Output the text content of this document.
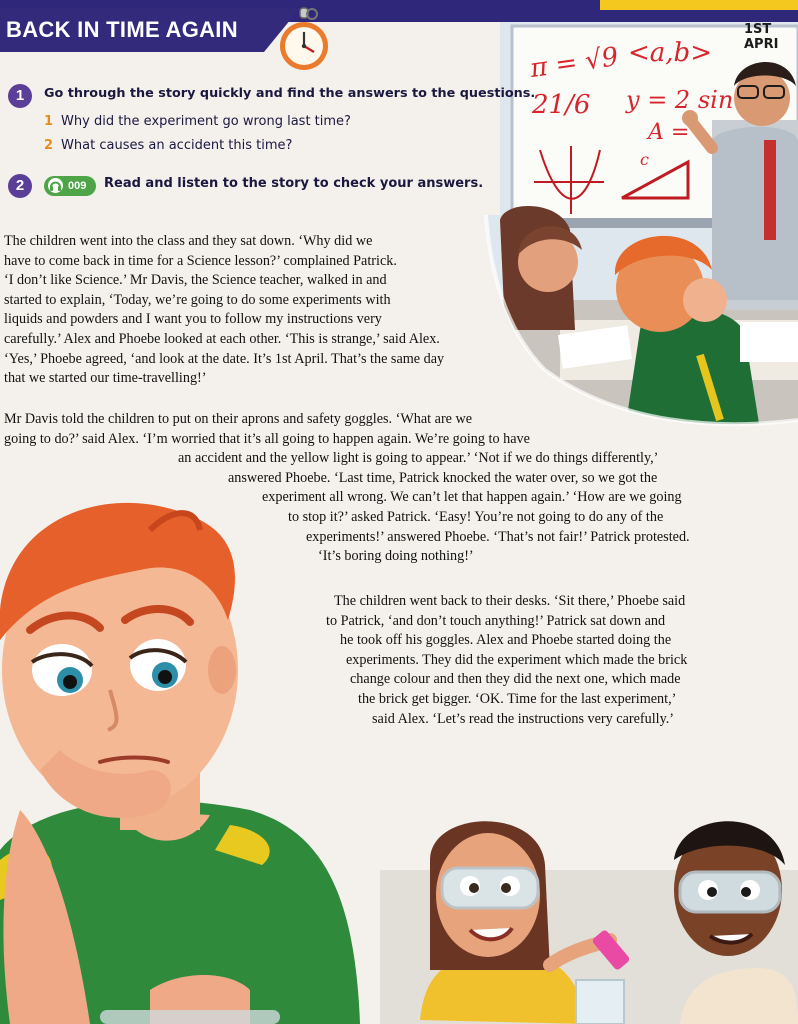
1ST APRI
π = √9
21/6
<a,b>
y = 2 sin
A =
c
BACK IN TIME AGAIN
1	Go through the story quickly and find the answers to the questions.
1 Why did the experiment go wrong last time?
2 What causes an accident this time?
2	009 Read and listen to the story to check your answers.

The children went into the class and they sat down. ‘Why did we

have to come back in time for a Science lesson?’ complained Patrick.

‘I don’t like Science.’ Mr Davis, the Science teacher, walked in and

started to explain, ‘Today, we’re going to do some experiments with

liquids and powders and I want you to follow my instructions very

carefully.’ Alex and Phoebe looked at each other. ‘This is strange,’ said Alex.

‘Yes,’ Phoebe agreed, ‘and look at the date. It’s 1st April. That’s the same day

that we started our time-travelling!’

Mr Davis told the children to put on their aprons and safety goggles. ‘What are we

going to do?’ said Alex. ‘I’m worried that it’s all going to happen again. We’re going to have

an accident and the yellow light is going to appear.’ ‘Not if we do things differently,’

answered Phoebe. ‘Last time, Patrick knocked the water over, so we got the

experiment all wrong. We can’t let that happen again.’ ‘How are we going

to stop it?’ asked Patrick. ‘Easy! You’re not going to do any of the

experiments!’ answered Phoebe. ‘That’s not fair!’ Patrick protested.

‘It’s boring doing nothing!’

The children went back to their desks. ‘Sit there,’ Phoebe said

to Patrick, ‘and don’t touch anything!’ Patrick sat down and

he took off his goggles. Alex and Phoebe started doing the

experiments. They did the experiment which made the brick

change colour and then they did the next one, which made

the brick get bigger. ‘OK. Time for the last experiment,’

said Alex. ‘Let’s read the instructions very carefully.’
